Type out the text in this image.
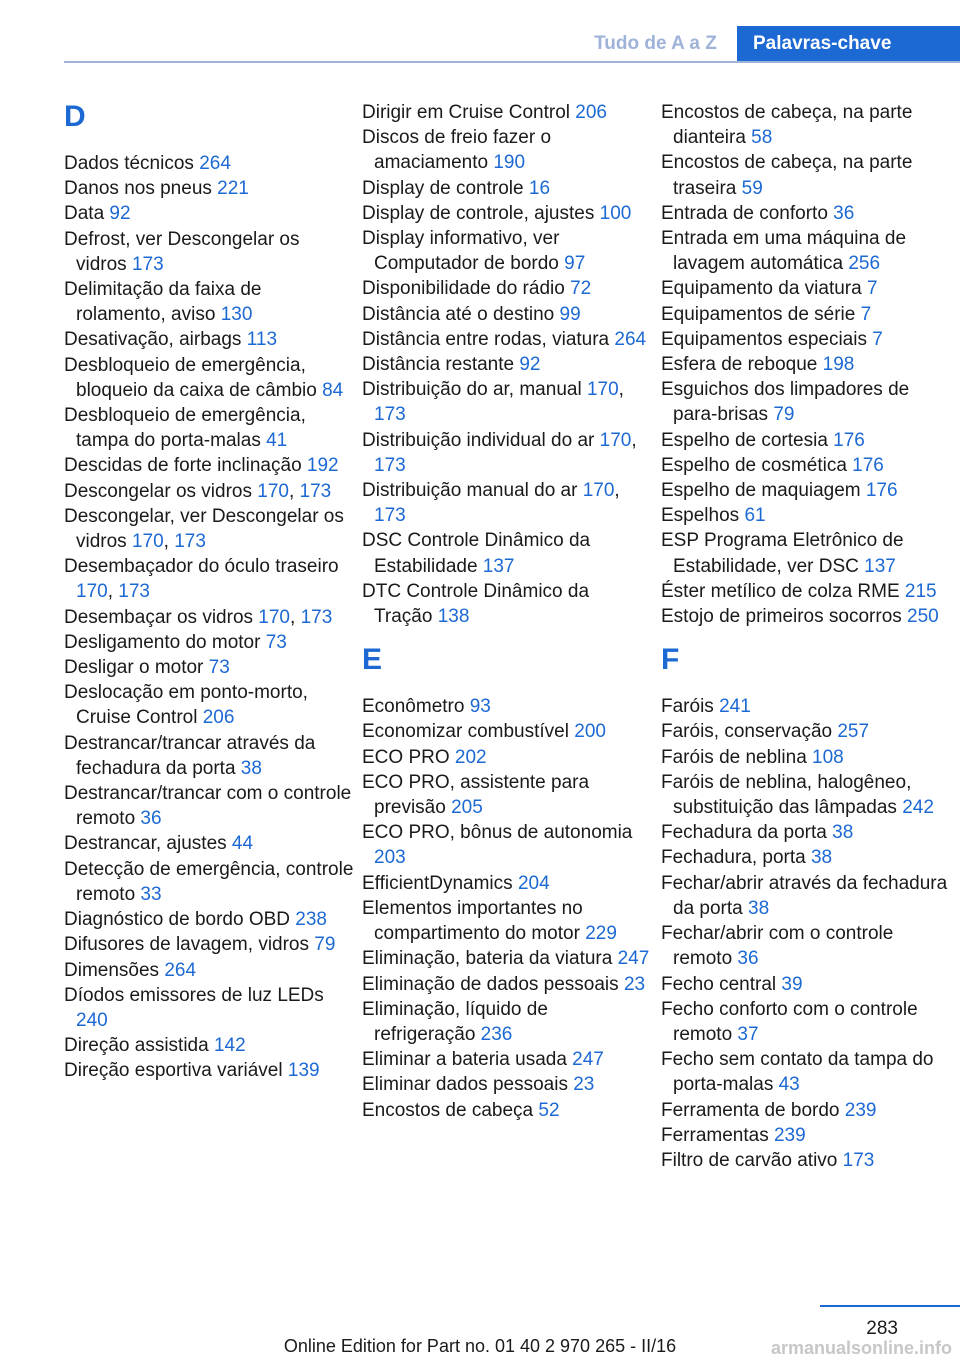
Tudo de A a Z	Palavras-chave
D
Dados técnicos 264
Danos nos pneus 221
Data 92
Defrost, ver Descongelar os vidros 173
Delimitação da faixa de rolamento, aviso 130
Desativação, airbags 113
Desbloqueio de emergência, bloqueio da caixa de câmbio 84
Desbloqueio de emergência, tampa do porta-malas 41
Descidas de forte inclinação 192
Descongelar os vidros 170, 173
Descongelar, ver Descongelar os vidros 170, 173
Desembaçador do óculo traseiro 170, 173
Desembaçar os vidros 170, 173
Desligamento do motor 73
Desligar o motor 73
Deslocação em ponto-morto, Cruise Control 206
Destrancar/trancar através da fechadura da porta 38
Destrancar/trancar com o controle remoto 36
Destrancar, ajustes 44
Detecção de emergência, controle remoto 33
Diagnóstico de bordo OBD 238
Difusores de lavagem, vidros 79
Dimensões 264
Díodos emissores de luz LEDs 240
Direção assistida 142
Direção esportiva variável 139
Dirigir em Cruise Control 206
Discos de freio fazer o amaciamento 190
Display de controle 16
Display de controle, ajustes 100
Display informativo, ver Computador de bordo 97
Disponibilidade do rádio 72
Distância até o destino 99
Distância entre rodas, viatura 264
Distância restante 92
Distribuição do ar, manual 170, 173
Distribuição individual do ar 170, 173
Distribuição manual do ar 170, 173
DSC Controle Dinâmico da Estabilidade 137
DTC Controle Dinâmico da Tração 138
E
Econômetro 93
Economizar combustível 200
ECO PRO 202
ECO PRO, assistente para previsão 205
ECO PRO, bônus de autonomia 203
EfficientDynamics 204
Elementos importantes no compartimento do motor 229
Eliminação, bateria da viatura 247
Eliminação de dados pessoais 23
Eliminação, líquido de refrigeração 236
Eliminar a bateria usada 247
Eliminar dados pessoais 23
Encostos de cabeça 52
Encostos de cabeça, na parte dianteira 58
Encostos de cabeça, na parte traseira 59
Entrada de conforto 36
Entrada em uma máquina de lavagem automática 256
Equipamento da viatura 7
Equipamentos de série 7
Equipamentos especiais 7
Esfera de reboque 198
Esguichos dos limpadores de para-brisas 79
Espelho de cortesia 176
Espelho de cosmética 176
Espelho de maquiagem 176
Espelhos 61
ESP Programa Eletrônico de Estabilidade, ver DSC 137
Éster metílico de colza RME 215
Estojo de primeiros socorros 250
F
Faróis 241
Faróis, conservação 257
Faróis de neblina 108
Faróis de neblina, halogêneo, substituição das lâmpadas 242
Fechadura da porta 38
Fechadura, porta 38
Fechar/abrir através da fechadura da porta 38
Fechar/abrir com o controle remoto 36
Fecho central 39
Fecho conforto com o controle remoto 37
Fecho sem contato da tampa do porta-malas 43
Ferramenta de bordo 239
Ferramentas 239
Filtro de carvão ativo 173
283
Online Edition for Part no. 01 40 2 970 265 - II/16	armanualsonline.info
